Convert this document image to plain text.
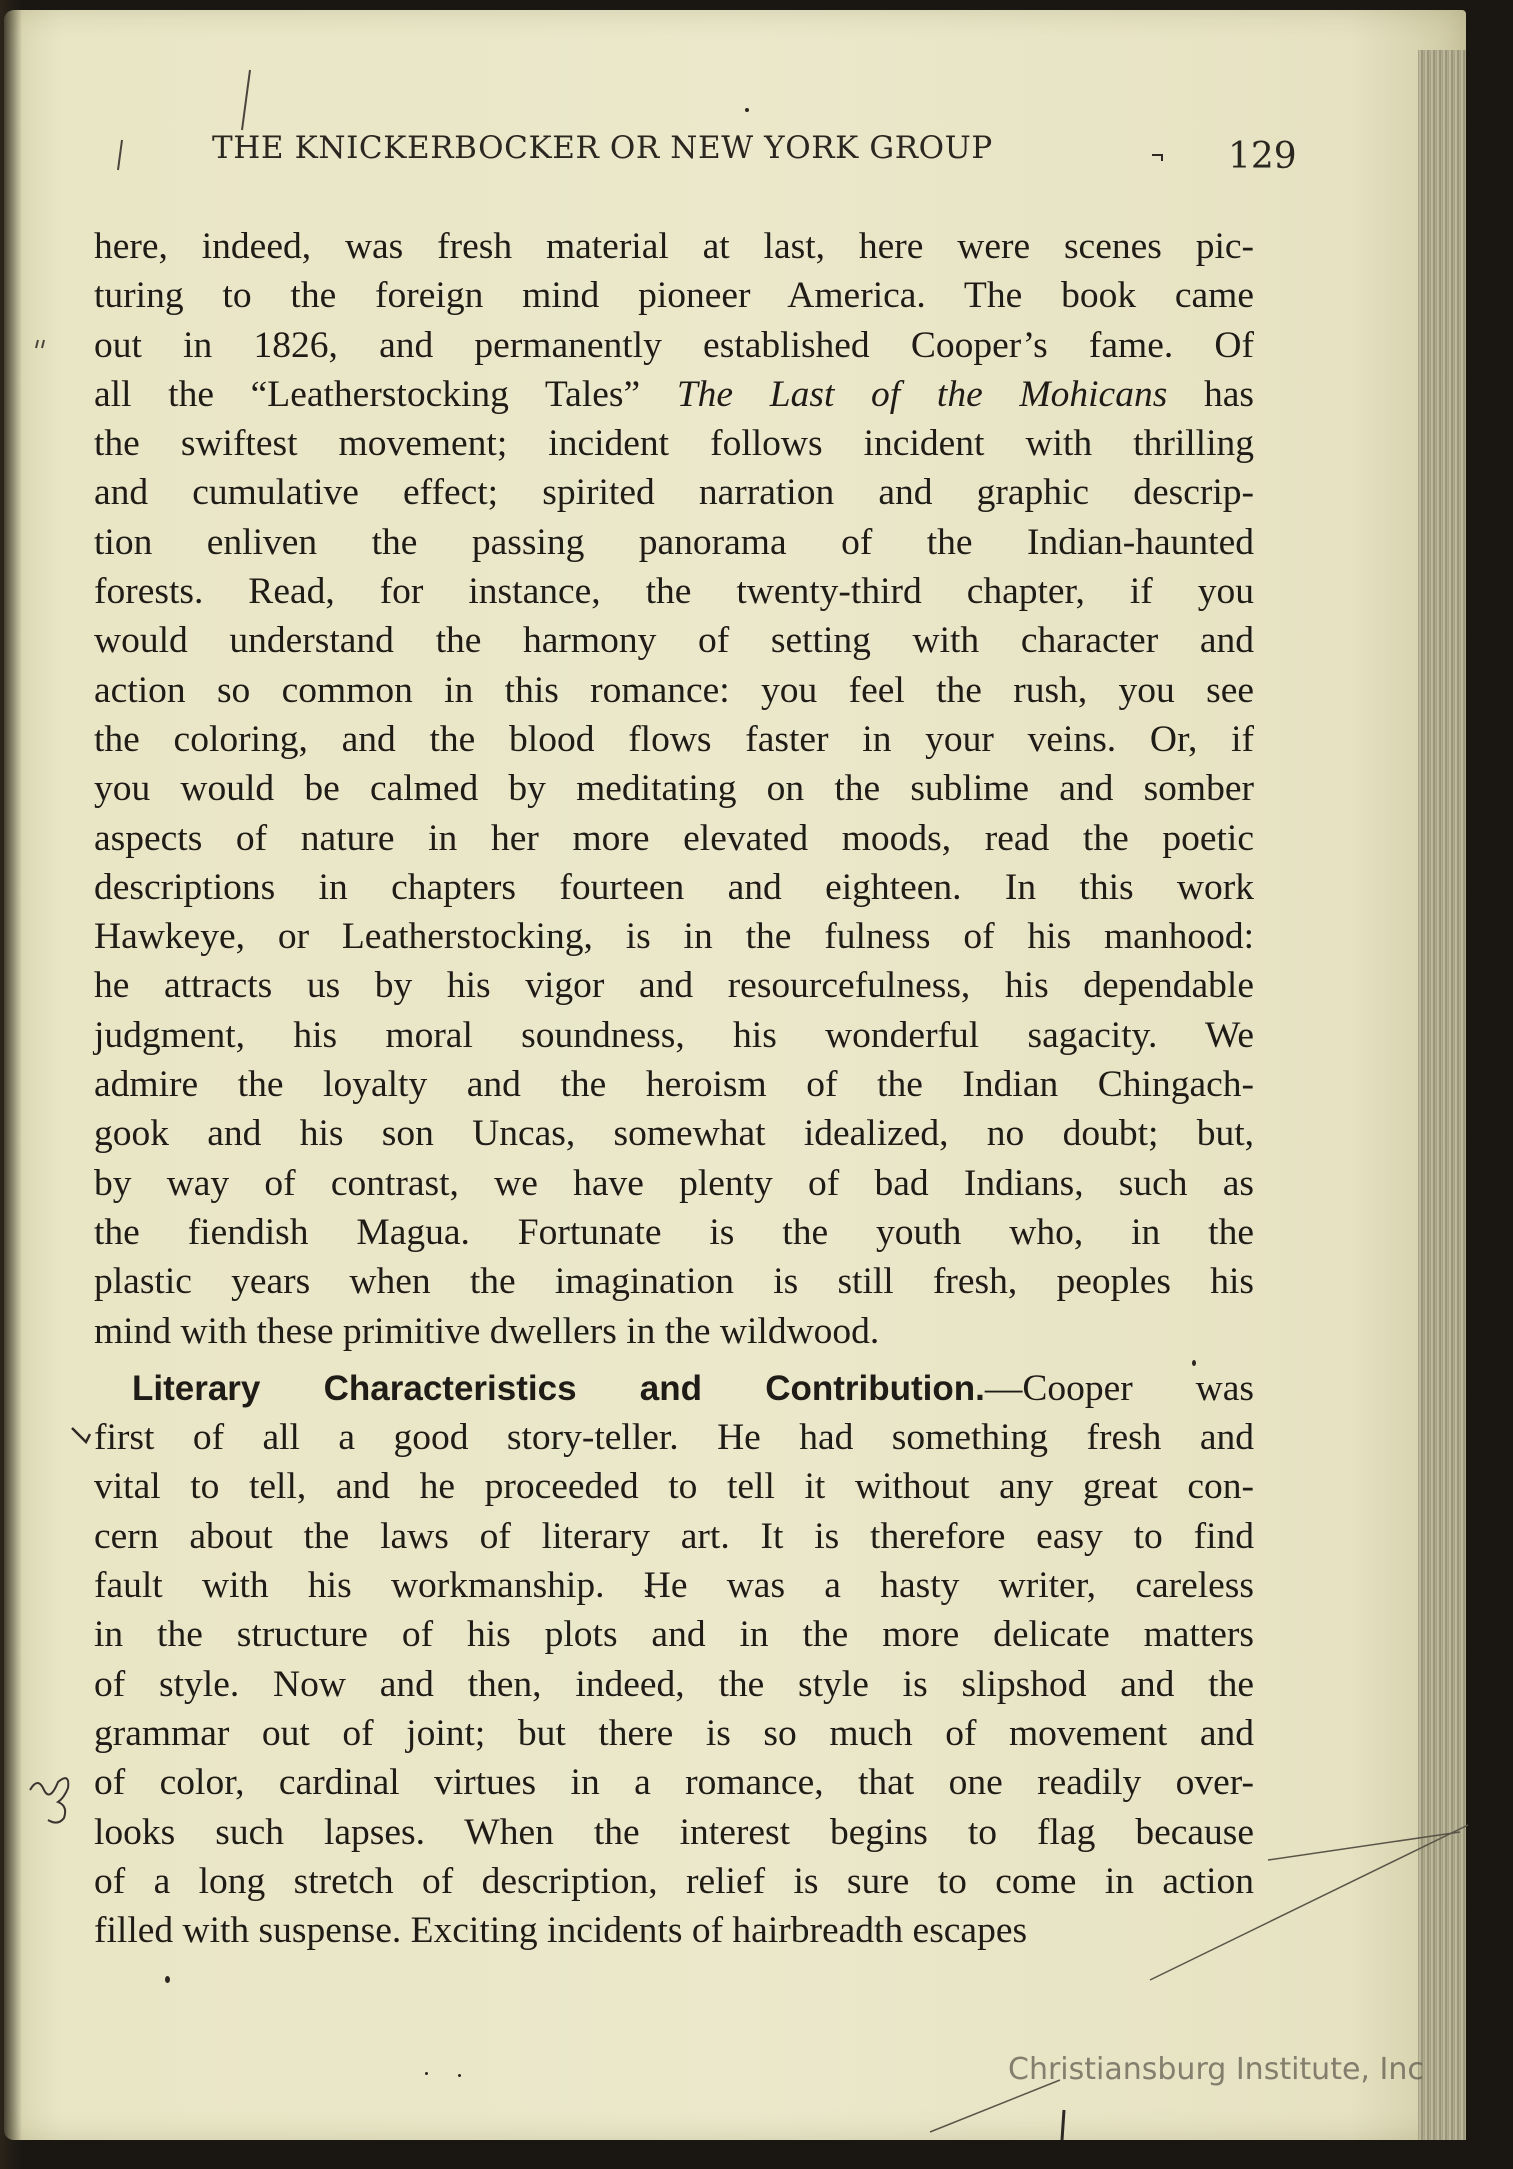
THE KNICKERBOCKER OR NEW YORK GROUP	129

here, indeed, was fresh material at last, here were scenes pic-
turing to the foreign mind pioneer America. The book came
out in 1826, and permanently established Cooper’s fame. Of
all the “Leatherstocking Tales” The Last of the Mohicans has
the swiftest movement; incident follows incident with thrilling
and cumulative effect; spirited narration and graphic descrip-
tion enliven the passing panorama of the Indian-haunted
forests. Read, for instance, the twenty-third chapter, if you
would understand the harmony of setting with character and
action so common in this romance: you feel the rush, you see
the coloring, and the blood flows faster in your veins. Or, if
you would be calmed by meditating on the sublime and somber
aspects of nature in her more elevated moods, read the poetic
descriptions in chapters fourteen and eighteen. In this work
Hawkeye, or Leatherstocking, is in the fulness of his manhood:
he attracts us by his vigor and resourcefulness, his dependable
judgment, his moral soundness, his wonderful sagacity. We
admire the loyalty and the heroism of the Indian Chingach-
gook and his son Uncas, somewhat idealized, no doubt; but,
by way of contrast, we have plenty of bad Indians, such as
the fiendish Magua. Fortunate is the youth who, in the
plastic years when the imagination is still fresh, peoples his
mind with these primitive dwellers in the wildwood.

Literary Characteristics and Contribution.—Cooper was
first of all a good story-teller. He had something fresh and
vital to tell, and he proceeded to tell it without any great con-
cern about the laws of literary art. It is therefore easy to find
fault with his workmanship. He was a hasty writer, careless
in the structure of his plots and in the more delicate matters
of style. Now and then, indeed, the style is slipshod and the
grammar out of joint; but there is so much of movement and
of color, cardinal virtues in a romance, that one readily over-
looks such lapses. When the interest begins to flag because
of a long stretch of description, relief is sure to come in action
filled with suspense. Exciting incidents of hairbreadth escapes

Christiansburg Institute, Inc
